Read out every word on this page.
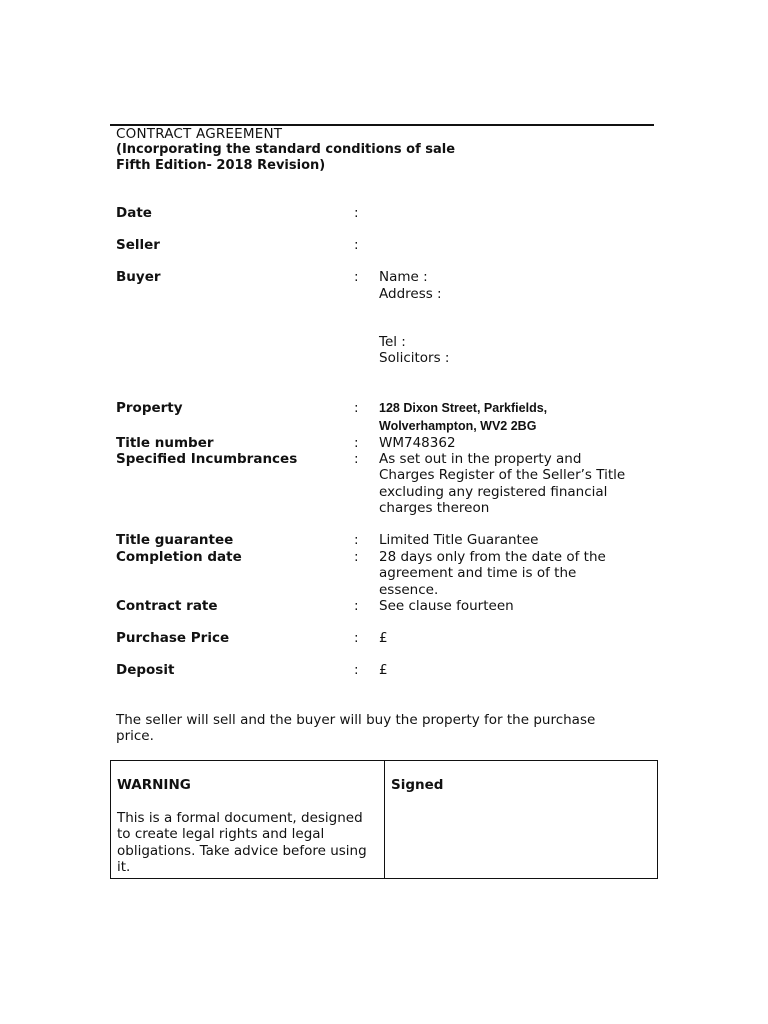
CONTRACT AGREEMENT
(Incorporating the standard conditions of sale
Fifth Edition- 2018 Revision)
Date	:
Seller	:
Buyer	: Name :
Address :
Tel :
Solicitors :
Property	: 128 Dixon Street, Parkfields,
Wolverhampton, WV2 2BG
Title number	: WM748362
Specified Incumbrances	: As set out in the property and
Charges Register of the Seller’s Title
excluding any registered financial
charges thereon
Title guarantee	: Limited Title Guarantee
Completion date	: 28 days only from the date of the
agreement and time is of the
essence.
Contract rate	: See clause fourteen
Purchase Price	: £
Deposit	: £
The seller will sell and the buyer will buy the property for the purchase price.
WARNING
This is a formal document, designed to create legal rights and legal obligations. Take advice before using it.
Signed
